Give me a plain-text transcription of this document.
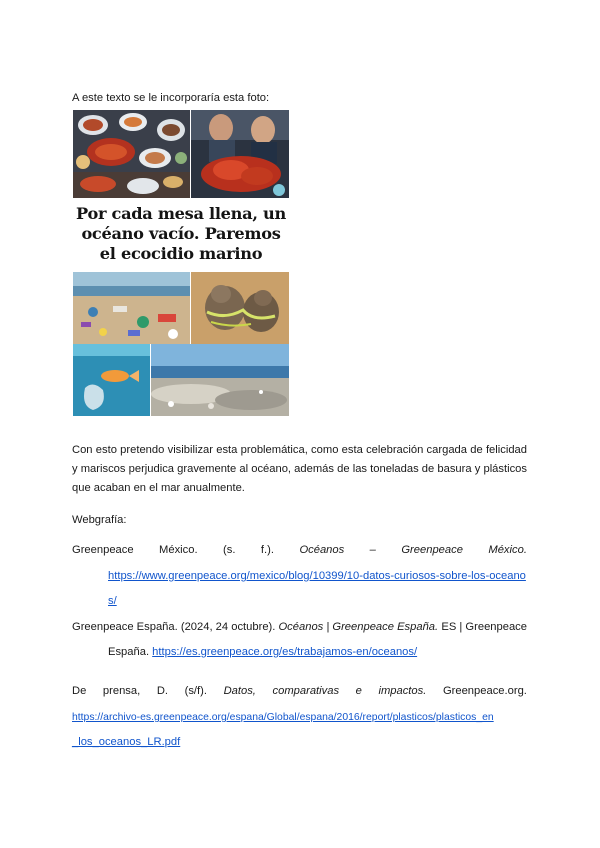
A este texto se le incorporaría esta foto:
Por cada mesa llena, un
océano vacío. Paremos
el ecocidio marino
Con esto pretendo visibilizar esta problemática, como esta celebración cargada de felicidad
y mariscos perjudica gravemente al océano, además de las toneladas de basura y plásticos
que acaban en el mar anualmente.
Webgrafía:
Greenpeace México. (s. f.). Océanos – Greenpeace México.
https://www.greenpeace.org/mexico/blog/10399/10-datos-curiosos-sobre-los-oceano
s/
Greenpeace España. (2024, 24 octubre). Océanos | Greenpeace España. ES | Greenpeace
España. https://es.greenpeace.org/es/trabajamos-en/oceanos/
De prensa, D. (s/f). Datos, comparativas e impactos. Greenpeace.org.
https://archivo-es.greenpeace.org/espana/Global/espana/2016/report/plasticos/plasticos_en
_los_oceanos_LR.pdf
